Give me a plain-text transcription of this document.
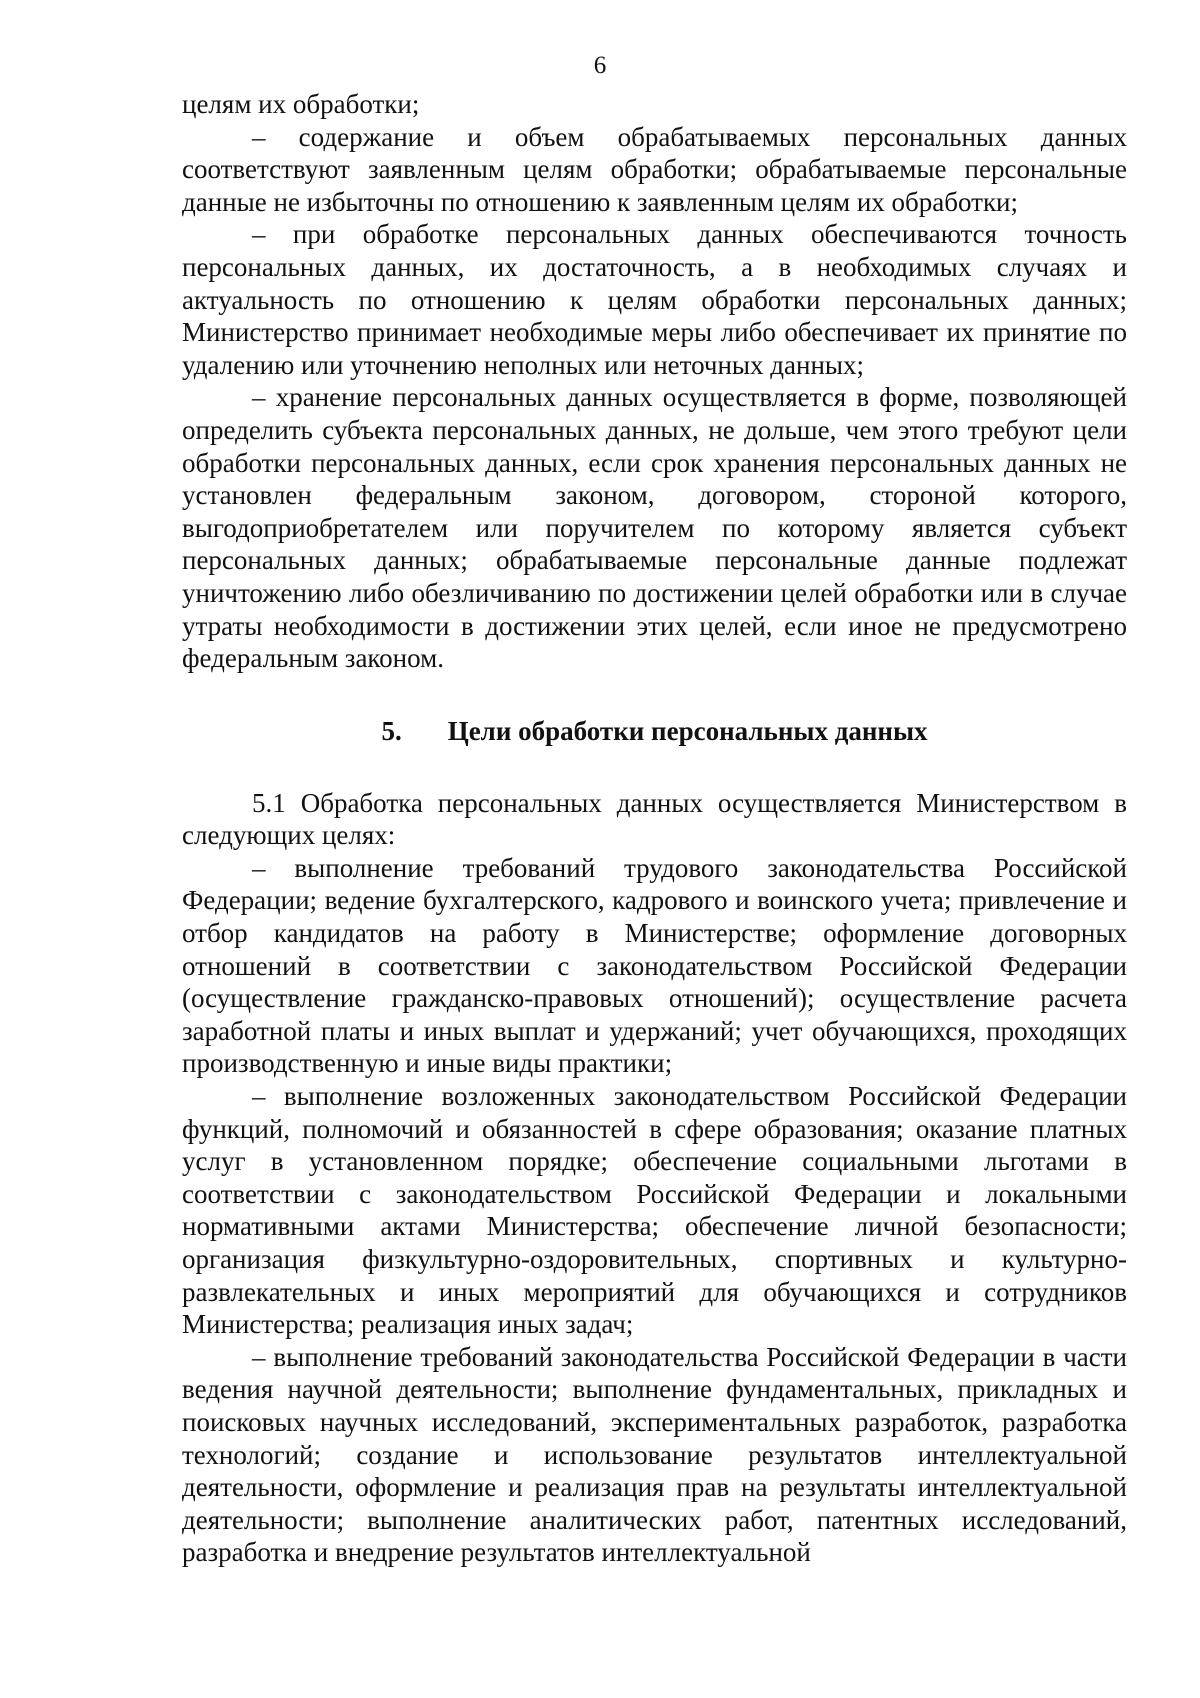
6

целям их обработки;

– содержание и объем обрабатываемых персональных данных соответствуют заявленным целям обработки; обрабатываемые персональные данные не избыточны по отношению к заявленным целям их обработки;

– при обработке персональных данных обеспечиваются точность персональных данных, их достаточность, а в необходимых случаях и актуальность по отношению к целям обработки персональных данных; Министерство принимает необходимые меры либо обеспечивает их принятие по удалению или уточнению неполных или неточных данных;

– хранение персональных данных осуществляется в форме, позволяющей определить субъекта персональных данных, не дольше, чем этого требуют цели обработки персональных данных, если срок хранения персональных данных не установлен федеральным законом, договором, стороной которого, выгодоприобретателем или поручителем по которому является субъект персональных данных; обрабатываемые персональные данные подлежат уничтожению либо обезличиванию по достижении целей обработки или в случае утраты необходимости в достижении этих целей, если иное не предусмотрено федеральным законом.

5. Цели обработки персональных данных

5.1 Обработка персональных данных осуществляется Министерством в следующих целях:

– выполнение требований трудового законодательства Российской Федерации; ведение бухгалтерского, кадрового и воинского учета; привлечение и отбор кандидатов на работу в Министерстве; оформление договорных отношений в соответствии с законодательством Российской Федерации (осуществление гражданско-правовых отношений); осуществление расчета заработной платы и иных выплат и удержаний; учет обучающихся, проходящих производственную и иные виды практики;

– выполнение возложенных законодательством Российской Федерации функций, полномочий и обязанностей в сфере образования; оказание платных услуг в установленном порядке; обеспечение социальными льготами в соответствии с законодательством Российской Федерации и локальными нормативными актами Министерства; обеспечение личной безопасности; организация физкультурно-оздоровительных, спортивных и культурно-развлекательных и иных мероприятий для обучающихся и сотрудников Министерства; реализация иных задач;

– выполнение требований законодательства Российской Федерации в части ведения научной деятельности; выполнение фундаментальных, прикладных и поисковых научных исследований, экспериментальных разработок, разработка технологий; создание и использование результатов интеллектуальной деятельности, оформление и реализация прав на результаты интеллектуальной деятельности; выполнение аналитических работ, патентных исследований, разработка и внедрение результатов интеллектуальной
